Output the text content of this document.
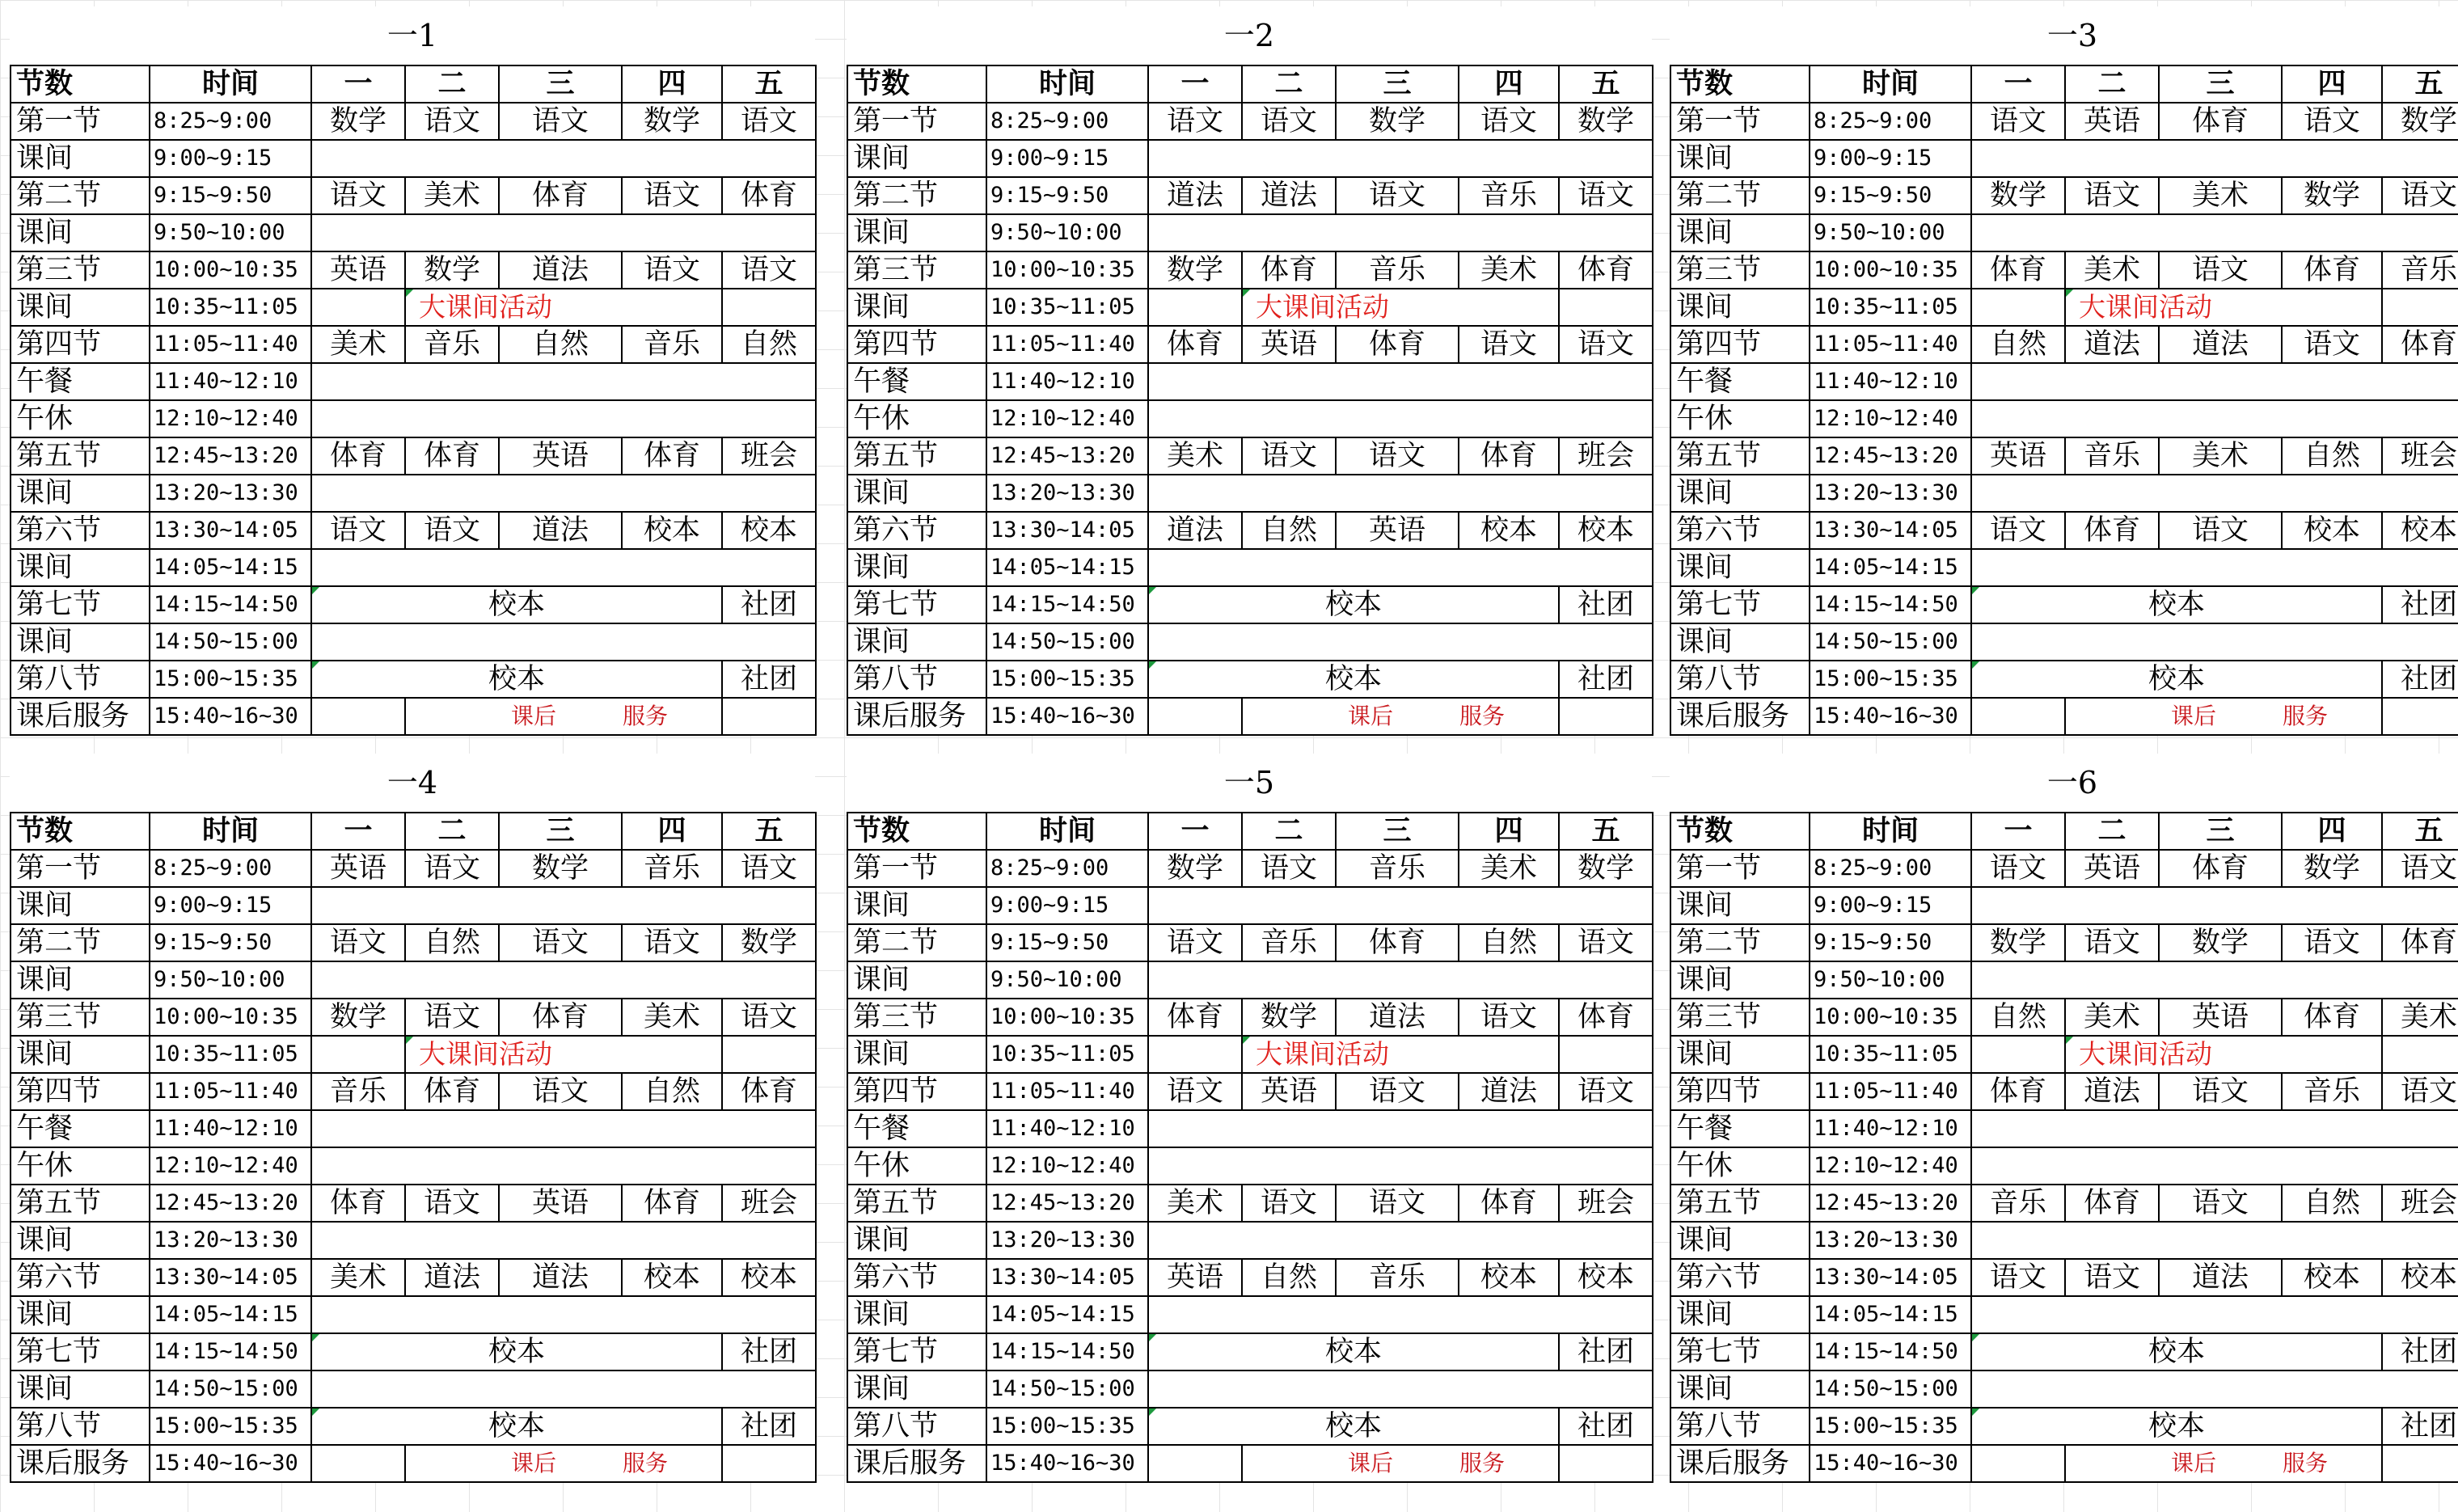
一1
节数	时间	一	二	三	四	五
第一节	8:25~9:00	数学	语文	语文	数学	语文
课间	9:00~9:15					
第二节	9:15~9:50	语文	美术	体育	语文	体育
课间	9:50~10:00					
第三节	10:00~10:35	英语	数学	道法	语文	语文
课间	10:35~11:05		大课间活动			
第四节	11:05~11:40	美术	音乐	自然	音乐	自然
午餐	11:40~12:10					
午休	12:10~12:40					
第五节	12:45~13:20	体育	体育	英语	体育	班会
课间	13:20~13:30					
第六节	13:30~14:05	语文	语文	道法	校本	校本
课间	14:05~14:15					
第七节	14:15~14:50	校本				社团
课间	14:50~15:00					
第八节	15:00~15:35	校本				社团
课后服务	15:40~16~30		课后 服务			
一2
节数	时间	一	二	三	四	五
第一节	8:25~9:00	语文	语文	数学	语文	数学
课间	9:00~9:15					
第二节	9:15~9:50	道法	道法	语文	音乐	语文
课间	9:50~10:00					
第三节	10:00~10:35	数学	体育	音乐	美术	体育
课间	10:35~11:05		大课间活动			
第四节	11:05~11:40	体育	英语	体育	语文	语文
午餐	11:40~12:10					
午休	12:10~12:40					
第五节	12:45~13:20	美术	语文	语文	体育	班会
课间	13:20~13:30					
第六节	13:30~14:05	道法	自然	英语	校本	校本
课间	14:05~14:15					
第七节	14:15~14:50	校本				社团
课间	14:50~15:00					
第八节	15:00~15:35	校本				社团
课后服务	15:40~16~30		课后 服务			
一3
节数	时间	一	二	三	四	五
第一节	8:25~9:00	语文	英语	体育	语文	数学
课间	9:00~9:15					
第二节	9:15~9:50	数学	语文	美术	数学	语文
课间	9:50~10:00					
第三节	10:00~10:35	体育	美术	语文	体育	音乐
课间	10:35~11:05		大课间活动			
第四节	11:05~11:40	自然	道法	道法	语文	体育
午餐	11:40~12:10					
午休	12:10~12:40					
第五节	12:45~13:20	英语	音乐	美术	自然	班会
课间	13:20~13:30					
第六节	13:30~14:05	语文	体育	语文	校本	校本
课间	14:05~14:15					
第七节	14:15~14:50	校本				社团
课间	14:50~15:00					
第八节	15:00~15:35	校本				社团
课后服务	15:40~16~30		课后 服务			
一4
节数	时间	一	二	三	四	五
第一节	8:25~9:00	英语	语文	数学	音乐	语文
课间	9:00~9:15					
第二节	9:15~9:50	语文	自然	语文	语文	数学
课间	9:50~10:00					
第三节	10:00~10:35	数学	语文	体育	美术	语文
课间	10:35~11:05		大课间活动			
第四节	11:05~11:40	音乐	体育	语文	自然	体育
午餐	11:40~12:10					
午休	12:10~12:40					
第五节	12:45~13:20	体育	语文	英语	体育	班会
课间	13:20~13:30					
第六节	13:30~14:05	美术	道法	道法	校本	校本
课间	14:05~14:15					
第七节	14:15~14:50	校本				社团
课间	14:50~15:00					
第八节	15:00~15:35	校本				社团
课后服务	15:40~16~30		课后 服务			
一5
节数	时间	一	二	三	四	五
第一节	8:25~9:00	数学	语文	音乐	美术	数学
课间	9:00~9:15					
第二节	9:15~9:50	语文	音乐	体育	自然	语文
课间	9:50~10:00					
第三节	10:00~10:35	体育	数学	道法	语文	体育
课间	10:35~11:05		大课间活动			
第四节	11:05~11:40	语文	英语	语文	道法	语文
午餐	11:40~12:10					
午休	12:10~12:40					
第五节	12:45~13:20	美术	语文	语文	体育	班会
课间	13:20~13:30					
第六节	13:30~14:05	英语	自然	音乐	校本	校本
课间	14:05~14:15					
第七节	14:15~14:50	校本				社团
课间	14:50~15:00					
第八节	15:00~15:35	校本				社团
课后服务	15:40~16~30		课后 服务			
一6
节数	时间	一	二	三	四	五
第一节	8:25~9:00	语文	英语	体育	数学	语文
课间	9:00~9:15					
第二节	9:15~9:50	数学	语文	数学	语文	体育
课间	9:50~10:00					
第三节	10:00~10:35	自然	美术	英语	体育	美术
课间	10:35~11:05		大课间活动			
第四节	11:05~11:40	体育	道法	语文	音乐	语文
午餐	11:40~12:10					
午休	12:10~12:40					
第五节	12:45~13:20	音乐	体育	语文	自然	班会
课间	13:20~13:30					
第六节	13:30~14:05	语文	语文	道法	校本	校本
课间	14:05~14:15					
第七节	14:15~14:50	校本				社团
课间	14:50~15:00					
第八节	15:00~15:35	校本				社团
课后服务	15:40~16~30		课后 服务			
